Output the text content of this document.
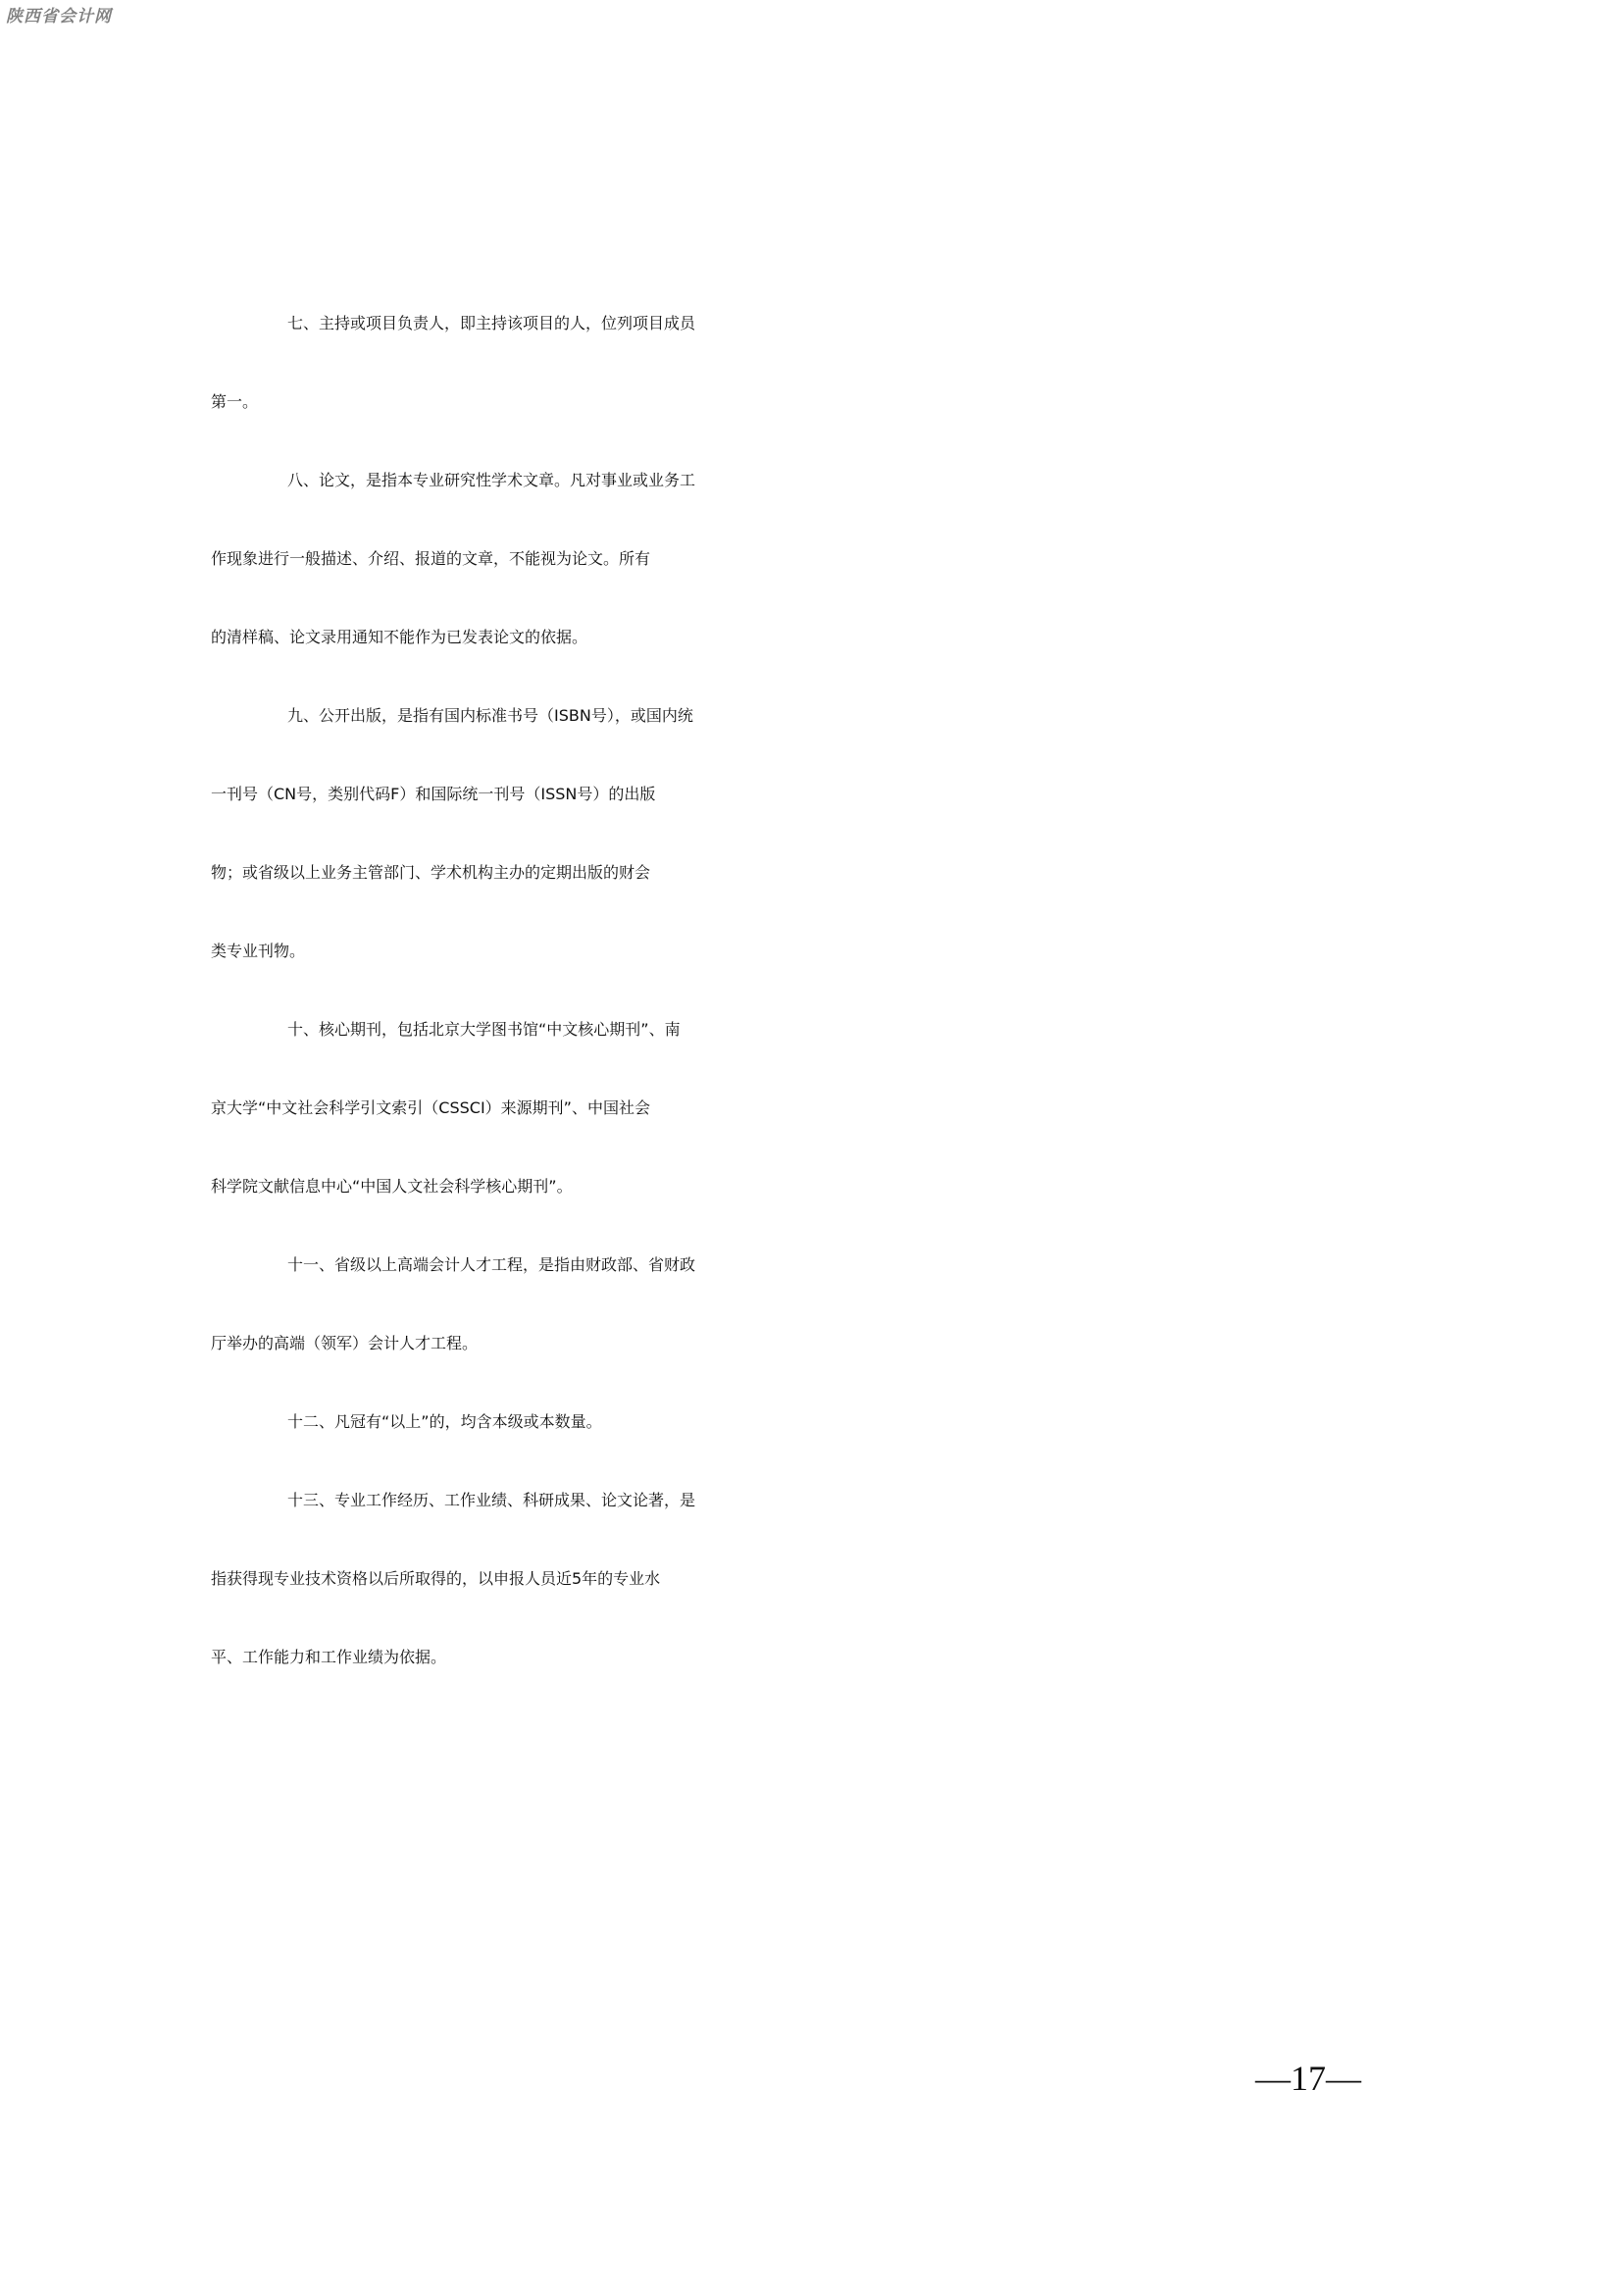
陕西省会计网
七、主持或项目负责人，即主持该项目的人，位列项目成员
第一。
八、论文，是指本专业研究性学术文章。凡对事业或业务工
作现象进行一般描述、介绍、报道的文章，不能视为论文。所有
的清样稿、论文录用通知不能作为已发表论文的依据。
九、公开出版，是指有国内标准书号（ISBN号），或国内统
一刊号（CN号，类别代码F）和国际统一刊号（ISSN号）的出版
物；或省级以上业务主管部门、学术机构主办的定期出版的财会
类专业刊物。
十、核心期刊，包括北京大学图书馆“中文核心期刊”、南
京大学“中文社会科学引文索引（CSSCI）来源期刊”、中国社会
科学院文献信息中心“中国人文社会科学核心期刊”。
十一、省级以上高端会计人才工程，是指由财政部、省财政
厅举办的高端（领军）会计人才工程。
十二、凡冠有“以上”的，均含本级或本数量。
十三、专业工作经历、工作业绩、科研成果、论文论著，是
指获得现专业技术资格以后所取得的，以申报人员近5年的专业水
平、工作能力和工作业绩为依据。
—17—
